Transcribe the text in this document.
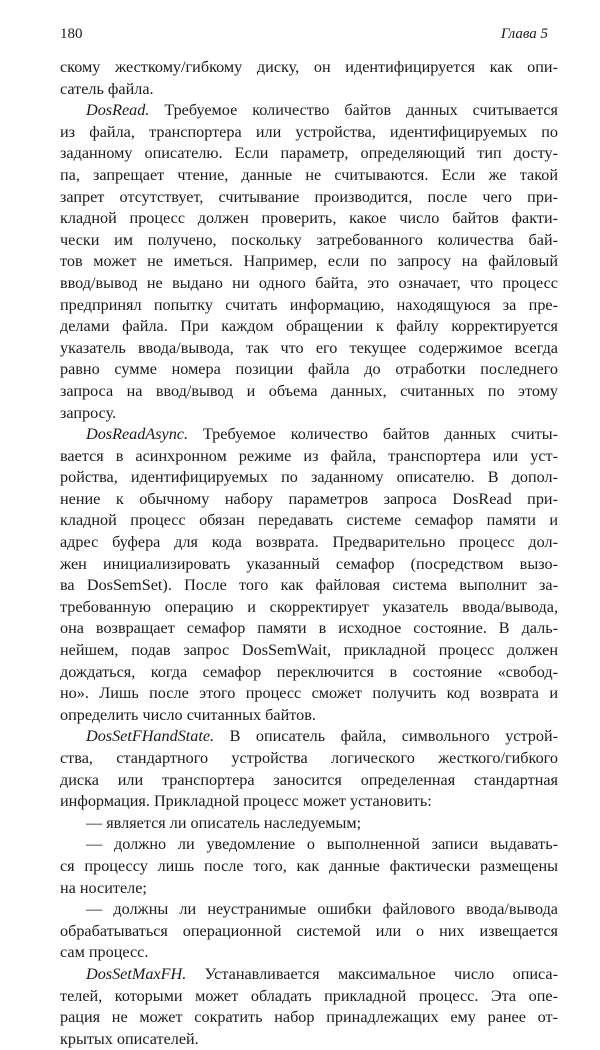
180	Глава 5
скому жесткому/гибкому диску, он идентифицируется как опи-
сатель файла.
DosRead. Требуемое количество байтов данных считывается
из файла, транспортера или устройства, идентифицируемых по
заданному описателю. Если параметр, определяющий тип досту-
па, запрещает чтение, данные не считываются. Если же такой
запрет отсутствует, считывание производится, после чего при-
кладной процесс должен проверить, какое число байтов факти-
чески им получено, поскольку затребованного количества бай-
тов может не иметься. Например, если по запросу на файловый
ввод/вывод не выдано ни одного байта, это означает, что процесс
предпринял попытку считать информацию, находящуюся за пре-
делами файла. При каждом обращении к файлу корректируется
указатель ввода/вывода, так что его текущее содержимое всегда
равно сумме номера позиции файла до отработки последнего
запроса на ввод/вывод и объема данных, считанных по этому
запросу.
DosReadAsync. Требуемое количество байтов данных считы-
вается в асинхронном режиме из файла, транспортера или уст-
ройства, идентифицируемых по заданному описателю. В допол-
нение к обычному набору параметров запроса DosRead при-
кладной процесс обязан передавать системе семафор памяти и
адрес буфера для кода возврата. Предварительно процесс дол-
жен инициализировать указанный семафор (посредством вызо-
ва DosSemSet). После того как файловая система выполнит за-
требованную операцию и скорректирует указатель ввода/вывода,
она возвращает семафор памяти в исходное состояние. В даль-
нейшем, подав запрос DosSemWait, прикладной процесс должен
дождаться, когда семафор переключится в состояние «свобод-
но». Лишь после этого процесс сможет получить код возврата и
определить число считанных байтов.
DosSetFHandState. В описатель файла, символьного устрой-
ства, стандартного устройства логического жесткого/гибкого
диска или транспортера заносится определенная стандартная
информация. Прикладной процесс может установить:
— является ли описатель наследуемым;
— должно ли уведомление о выполненной записи выдавать-
ся процессу лишь после того, как данные фактически размещены
на носителе;
— должны ли неустранимые ошибки файлового ввода/вывода
обрабатываться операционной системой или о них извещается
сам процесс.
DosSetMaxFH. Устанавливается максимальное число описа-
телей, которыми может обладать прикладной процесс. Эта опе-
рация не может сократить набор принадлежащих ему ранее от-
крытых описателей.
